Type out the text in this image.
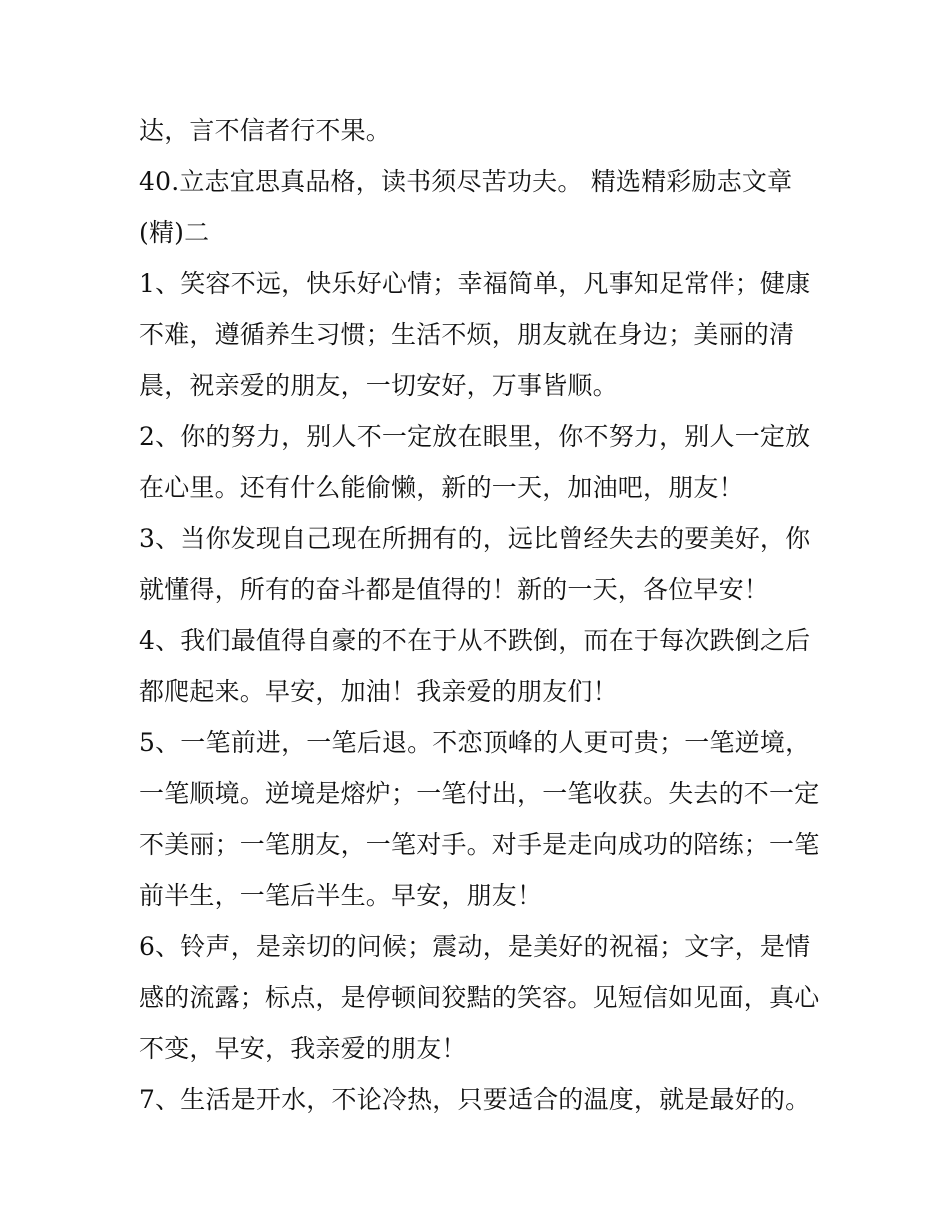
达，言不信者行不果。
40.立志宜思真品格，读书须尽苦功夫。 精选精彩励志文章
(精)二
1、笑容不远，快乐好心情；幸福简单，凡事知足常伴；健康
不难，遵循养生习惯；生活不烦，朋友就在身边；美丽的清
晨，祝亲爱的朋友，一切安好，万事皆顺。
2、你的努力，别人不一定放在眼里，你不努力，别人一定放
在心里。还有什么能偷懒，新的一天，加油吧，朋友！
3、当你发现自己现在所拥有的，远比曾经失去的要美好，你
就懂得，所有的奋斗都是值得的！新的一天，各位早安！
4、我们最值得自豪的不在于从不跌倒，而在于每次跌倒之后
都爬起来。早安，加油！我亲爱的朋友们！
5、一笔前进，一笔后退。不恋顶峰的人更可贵；一笔逆境，
一笔顺境。逆境是熔炉；一笔付出，一笔收获。失去的不一定
不美丽；一笔朋友，一笔对手。对手是走向成功的陪练；一笔
前半生，一笔后半生。早安，朋友！
6、铃声，是亲切的问候；震动，是美好的祝福；文字，是情
感的流露；标点，是停顿间狡黠的笑容。见短信如见面，真心
不变，早安，我亲爱的朋友！
7、生活是开水，不论冷热，只要适合的温度，就是最好的。
